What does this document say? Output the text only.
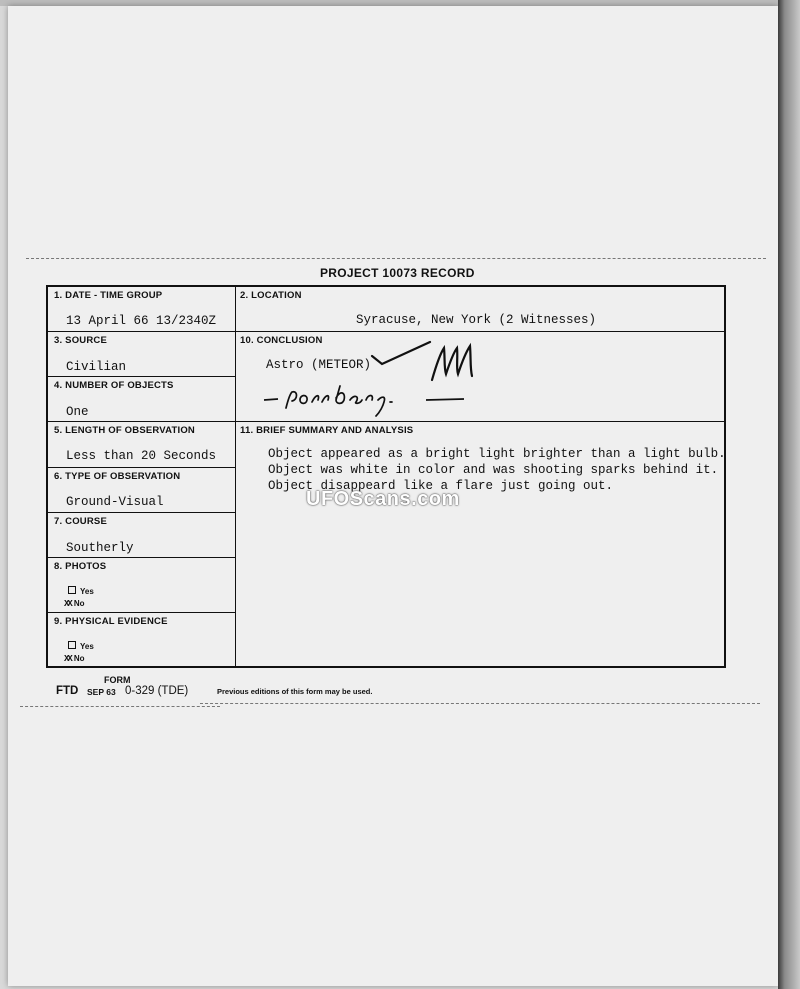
PROJECT 10073 RECORD
1. DATE - TIME GROUP
13 April 66 13/2340Z
2. LOCATION
Syracuse, New York (2 Witnesses)
3. SOURCE
Civilian
4. NUMBER OF OBJECTS
One
5. LENGTH OF OBSERVATION
Less than 20 Seconds
6. TYPE OF OBSERVATION
Ground-Visual
7. COURSE
Southerly
8. PHOTOS
Yes
XX No
9. PHYSICAL EVIDENCE
Yes
XX No
10. CONCLUSION
Astro (METEOR)
11. BRIEF SUMMARY AND ANALYSIS
Object appeared as a bright light brighter than a light bulb.
Object was white in color and was shooting sparks behind it.
Object disappeard like a flare just going out.
UFOScans.com
FORM
FTD SEP 63 0-329 (TDE)	Previous editions of this form may be used.
